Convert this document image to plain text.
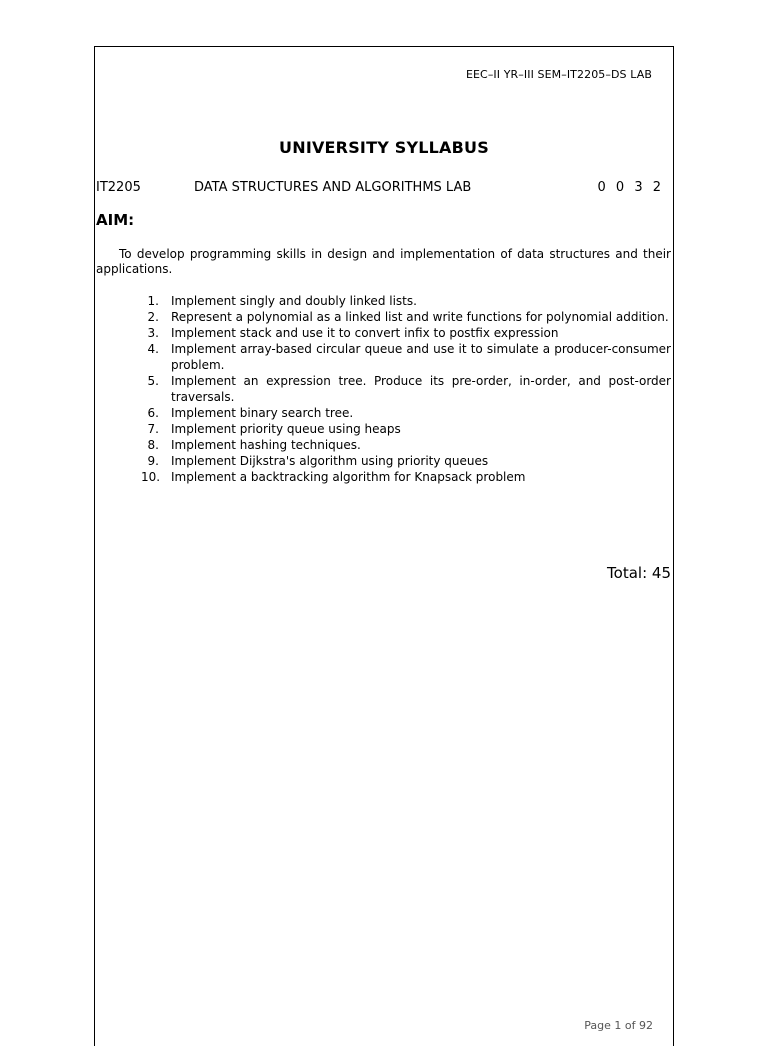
EEC–II YR–III SEM–IT2205–DS LAB
UNIVERSITY SYLLABUS
IT2205	DATA STRUCTURES AND ALGORITHMS LAB	0 0 3 2
AIM:

To develop programming skills in design and implementation of data structures and their applications.

1. Implement singly and doubly linked lists.
2. Represent a polynomial as a linked list and write functions for polynomial addition.
3. Implement stack and use it to convert infix to postfix expression
4. Implement array-based circular queue and use it to simulate a producer-consumer problem.
5. Implement an expression tree. Produce its pre-order, in-order, and post-order traversals.
6. Implement binary search tree.
7. Implement priority queue using heaps
8. Implement hashing techniques.
9. Implement Dijkstra's algorithm using priority queues
10. Implement a backtracking algorithm for Knapsack problem
Total: 45
Page 1 of 92
